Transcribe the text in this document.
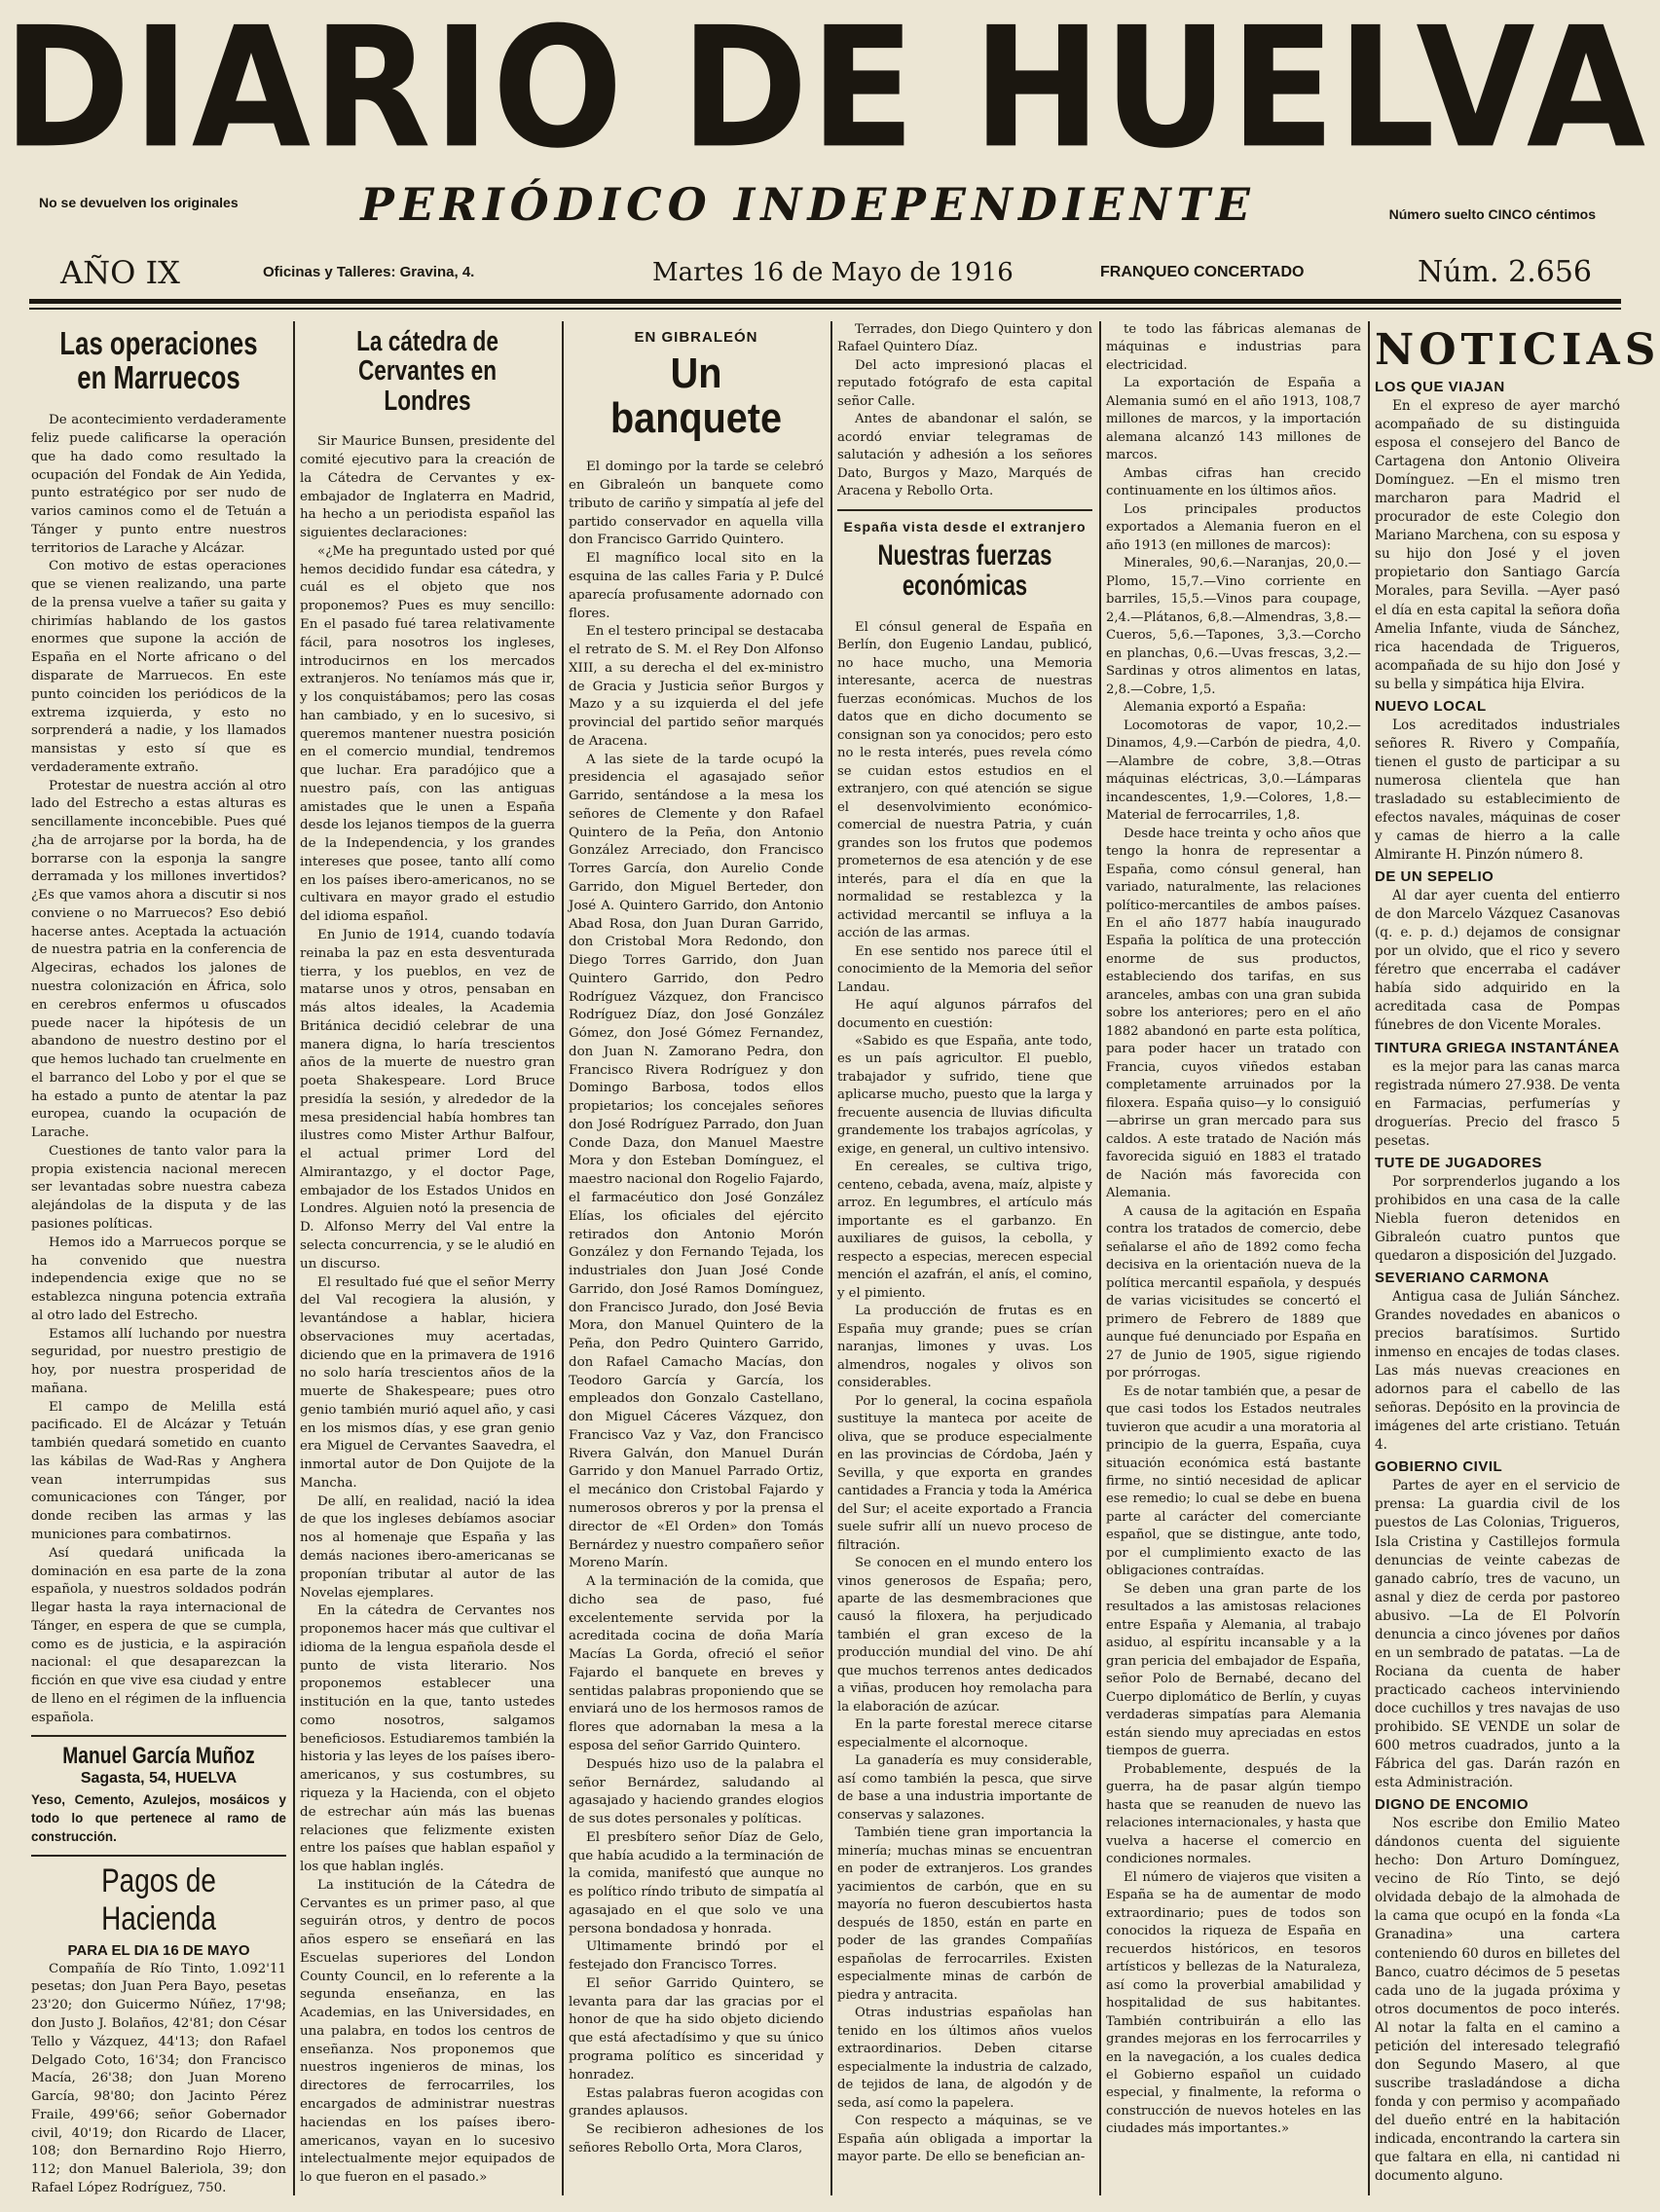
DIARIO DE HUELVA
No se devuelven los originales	PERIÓDICO INDEPENDIENTE	Número suelto CINCO céntimos
AÑO IX	Oficinas y Talleres: Gravina, 4.	Martes 16 de Mayo de 1916	FRANQUEO CONCERTADO	Núm. 2.656
Las operaciones en Marruecos

De acontecimiento verdaderamente feliz puede calificarse la operación que ha dado como resultado la ocupación del Fondak de Ain Yedida, punto estratégico por ser nudo de varios caminos como el de Tetuán a Tánger y punto entre nuestros territorios de Larache y Alcázar.

Con motivo de estas operaciones que se vienen realizando, una parte de la prensa vuelve a tañer su gaita y chirimías hablando de los gastos enormes que supone la acción de España en el Norte africano o del disparate de Marruecos. En este punto coinciden los periódicos de la extrema izquierda, y esto no sorprenderá a nadie, y los llamados mansistas y esto sí que es verdaderamente extraño.

Protestar de nuestra acción al otro lado del Estrecho a estas alturas es sencillamente inconcebible. Pues qué ¿ha de arrojarse por la borda, ha de borrarse con la esponja la sangre derramada y los millones invertidos? ¿Es que vamos ahora a discutir si nos conviene o no Marruecos? Eso debió hacerse antes. Aceptada la actuación de nuestra patria en la conferencia de Algeciras, echados los jalones de nuestra colonización en África, solo en cerebros enfermos u ofuscados puede nacer la hipótesis de un abandono de nuestro destino por el que hemos luchado tan cruelmente en el barranco del Lobo y por el que se ha estado a punto de atentar la paz europea, cuando la ocupación de Larache.

Cuestiones de tanto valor para la propia existencia nacional merecen ser levantadas sobre nuestra cabeza alejándolas de la disputa y de las pasiones políticas.

Hemos ido a Marruecos porque se ha convenido que nuestra independencia exige que no se establezca ninguna potencia extraña al otro lado del Estrecho.

Estamos allí luchando por nuestra seguridad, por nuestro prestigio de hoy, por nuestra prosperidad de mañana.

El campo de Melilla está pacificado. El de Alcázar y Tetuán también quedará sometido en cuanto las kábilas de Wad-Ras y Anghera vean interrumpidas sus comunicaciones con Tánger, por donde reciben las armas y las municiones para combatirnos.

Así quedará unificada la dominación en esa parte de la zona española, y nuestros soldados podrán llegar hasta la raya internacional de Tánger, en espera de que se cumpla, como es de justicia, e la aspiración nacional: el que desaparezcan la ficción en que vive esa ciudad y entre de lleno en el régimen de la influencia española.

Manuel García Muñoz
Sagasta, 54, HUELVA

Yeso, Cemento, Azulejos, mosáicos y todo lo que pertenece al ramo de construcción.

Pagos de Hacienda
PARA EL DIA 16 DE MAYO

Compañía de Río Tinto, 1.092'11 pesetas; don Juan Pera Bayo, pesetas 23'20; don Guicermo Núñez, 17'98; don Justo J. Bolaños, 42'81; don César Tello y Vázquez, 44'13; don Rafael Delgado Coto, 16'34; don Francisco Macía, 26'38; don Juan Moreno García, 98'80; don Jacinto Pérez Fraile, 499'66; señor Gobernador civil, 40'19; don Ricardo de Llacer, 108; don Bernardino Rojo Hierro, 112; don Manuel Baleriola, 39; don Rafael López Rodríguez, 750.

La cátedra de Cervantes en Londres

Sir Maurice Bunsen, presidente del comité ejecutivo para la creación de la Cátedra de Cervantes y ex-embajador de Inglaterra en Madrid, ha hecho a un periodista español las siguientes declaraciones:

«¿Me ha preguntado usted por qué hemos decidido fundar esa cátedra, y cuál es el objeto que nos proponemos? Pues es muy sencillo: En el pasado fué tarea relativamente fácil, para nosotros los ingleses, introducirnos en los mercados extranjeros. No teníamos más que ir, y los conquistábamos; pero las cosas han cambiado, y en lo sucesivo, si queremos mantener nuestra posición en el comercio mundial, tendremos que luchar. Era paradójico que a nuestro país, con las antiguas amistades que le unen a España desde los lejanos tiempos de la guerra de la Independencia, y los grandes intereses que posee, tanto allí como en los países ibero-americanos, no se cultivara en mayor grado el estudio del idioma español.

En Junio de 1914, cuando todavía reinaba la paz en esta desventurada tierra, y los pueblos, en vez de matarse unos y otros, pensaban en más altos ideales, la Academia Británica decidió celebrar de una manera digna, lo haría trescientos años de la muerte de nuestro gran poeta Shakespeare. Lord Bruce presidía la sesión, y alrededor de la mesa presidencial había hombres tan ilustres como Mister Arthur Balfour, el actual primer Lord del Almirantazgo, y el doctor Page, embajador de los Estados Unidos en Londres. Alguien notó la presencia de D. Alfonso Merry del Val entre la selecta concurrencia, y se le aludió en un discurso.

El resultado fué que el señor Merry del Val recogiera la alusión, y levantándose a hablar, hiciera observaciones muy acertadas, diciendo que en la primavera de 1916 no solo haría trescientos años de la muerte de Shakespeare; pues otro genio también murió aquel año, y casi en los mismos días, y ese gran genio era Miguel de Cervantes Saavedra, el inmortal autor de Don Quijote de la Mancha.

De allí, en realidad, nació la idea de que los ingleses debíamos asociar nos al homenaje que España y las demás naciones ibero-americanas se proponían tributar al autor de las Novelas ejemplares.

En la cátedra de Cervantes nos proponemos hacer más que cultivar el idioma de la lengua española desde el punto de vista literario. Nos proponemos establecer una institución en la que, tanto ustedes como nosotros, salgamos beneficiosos. Estudiaremos también la historia y las leyes de los países ibero-americanos, y sus costumbres, su riqueza y la Hacienda, con el objeto de estrechar aún más las buenas relaciones que felizmente existen entre los países que hablan español y los que hablan inglés.

La institución de la Cátedra de Cervantes es un primer paso, al que seguirán otros, y dentro de pocos años espero se enseñará en las Escuelas superiores del London County Council, en lo referente a la segunda enseñanza, en las Academias, en las Universidades, en una palabra, en todos los centros de enseñanza. Nos proponemos que nuestros ingenieros de minas, los directores de ferrocarriles, los encargados de administrar nuestras haciendas en los países ibero-americanos, vayan en lo sucesivo intelectualmente mejor equipados de lo que fueron en el pasado.»

EN GIBRALEÓN
Un banquete

El domingo por la tarde se celebró en Gibraleón un banquete como tributo de cariño y simpatía al jefe del partido conservador en aquella villa don Francisco Garrido Quintero.

El magnífico local sito en la esquina de las calles Faria y P. Dulcé aparecía profusamente adornado con flores.

En el testero principal se destacaba el retrato de S. M. el Rey Don Alfonso XIII, a su derecha el del ex-ministro de Gracia y Justicia señor Burgos y Mazo y a su izquierda el del jefe provincial del partido señor marqués de Aracena.

A las siete de la tarde ocupó la presidencia el agasajado señor Garrido, sentándose a la mesa los señores de Clemente y don Rafael Quintero de la Peña, don Antonio González Arreciado, don Francisco Torres García, don Aurelio Conde Garrido, don Miguel Berteder, don José A. Quintero Garrido, don Antonio Abad Rosa, don Juan Duran Garrido, don Cristobal Mora Redondo, don Diego Torres Garrido, don Juan Quintero Garrido, don Pedro Rodríguez Vázquez, don Francisco Rodríguez Díaz, don José González Gómez, don José Gómez Fernandez, don Juan N. Zamorano Pedra, don Francisco Rivera Rodríguez y don Domingo Barbosa, todos ellos propietarios; los concejales señores don José Rodríguez Parrado, don Juan Conde Daza, don Manuel Maestre Mora y don Esteban Domínguez, el maestro nacional don Rogelio Fajardo, el farmacéutico don José González Elías, los oficiales del ejército retirados don Antonio Morón González y don Fernando Tejada, los industriales don Juan José Conde Garrido, don José Ramos Domínguez, don Francisco Jurado, don José Bevia Mora, don Manuel Quintero de la Peña, don Pedro Quintero Garrido, don Rafael Camacho Macías, don Teodoro García y García, los empleados don Gonzalo Castellano, don Miguel Cáceres Vázquez, don Francisco Vaz y Vaz, don Francisco Rivera Galván, don Manuel Durán Garrido y don Manuel Parrado Ortiz, el mecánico don Cristobal Fajardo y numerosos obreros y por la prensa el director de «El Orden» don Tomás Bernárdez y nuestro compañero señor Moreno Marín.

A la terminación de la comida, que dicho sea de paso, fué excelentemente servida por la acreditada cocina de doña María Macías La Gorda, ofreció el señor Fajardo el banquete en breves y sentidas palabras proponiendo que se enviará uno de los hermosos ramos de flores que adornaban la mesa a la esposa del señor Garrido Quintero.

Después hizo uso de la palabra el señor Bernárdez, saludando al agasajado y haciendo grandes elogios de sus dotes personales y políticas.

El presbítero señor Díaz de Gelo, que había acudido a la terminación de la comida, manifestó que aunque no es político ríndo tributo de simpatía al agasajado en el que solo ve una persona bondadosa y honrada.

Ultimamente brindó por el festejado don Francisco Torres.

El señor Garrido Quintero, se levanta para dar las gracias por el honor de que ha sido objeto diciendo que está afectadísimo y que su único programa político es sinceridad y honradez.

Estas palabras fueron acogidas con grandes aplausos.

Se recibieron adhesiones de los señores Rebollo Orta, Mora Claros,

Terrades, don Diego Quintero y don Rafael Quintero Díaz.

Del acto impresionó placas el reputado fotógrafo de esta capital señor Calle.

Antes de abandonar el salón, se acordó enviar telegramas de salutación y adhesión a los señores Dato, Burgos y Mazo, Marqués de Aracena y Rebollo Orta.

España vista desde el extranjero
Nuestras fuerzas económicas

El cónsul general de España en Berlín, don Eugenio Landau, publicó, no hace mucho, una Memoria interesante, acerca de nuestras fuerzas económicas. Muchos de los datos que en dicho documento se consignan son ya conocidos; pero esto no le resta interés, pues revela cómo se cuidan estos estudios en el extranjero, con qué atención se sigue el desenvolvimiento económico-comercial de nuestra Patria, y cuán grandes son los frutos que podemos prometernos de esa atención y de ese interés, para el día en que la normalidad se restablezca y la actividad mercantil se influya a la acción de las armas.

En ese sentido nos parece útil el conocimiento de la Memoria del señor Landau.

He aquí algunos párrafos del documento en cuestión:

«Sabido es que España, ante todo, es un país agricultor. El pueblo, trabajador y sufrido, tiene que aplicarse mucho, puesto que la larga y frecuente ausencia de lluvias dificulta grandemente los trabajos agrícolas, y exige, en general, un cultivo intensivo.

En cereales, se cultiva trigo, centeno, cebada, avena, maíz, alpiste y arroz. En legumbres, el artículo más importante es el garbanzo. En auxiliares de guisos, la cebolla, y respecto a especias, merecen especial mención el azafrán, el anís, el comino, y el pimiento.

La producción de frutas es en España muy grande; pues se crían naranjas, limones y uvas. Los almendros, nogales y olivos son considerables.

Por lo general, la cocina española sustituye la manteca por aceite de oliva, que se produce especialmente en las provincias de Córdoba, Jaén y Sevilla, y que exporta en grandes cantidades a Francia y toda la América del Sur; el aceite exportado a Francia suele sufrir allí un nuevo proceso de filtración.

Se conocen en el mundo entero los vinos generosos de España; pero, aparte de las desmembraciones que causó la filoxera, ha perjudicado también el gran exceso de la producción mundial del vino. De ahí que muchos terrenos antes dedicados a viñas, producen hoy remolacha para la elaboración de azúcar.

En la parte forestal merece citarse especialmente el alcornoque.

La ganadería es muy considerable, así como también la pesca, que sirve de base a una industria importante de conservas y salazones.

También tiene gran importancia la minería; muchas minas se encuentran en poder de extranjeros. Los grandes yacimientos de carbón, que en su mayoría no fueron descubiertos hasta después de 1850, están en parte en poder de las grandes Compañías españolas de ferrocarriles. Existen especialmente minas de carbón de piedra y antracita.

Otras industrias españolas han tenido en los últimos años vuelos extraordinarios. Deben citarse especialmente la industria de calzado, de tejidos de lana, de algodón y de seda, así como la papelera.

Con respecto a máquinas, se ve España aún obligada a importar la mayor parte. De ello se benefician an-

te todo las fábricas alemanas de máquinas e industrias para electricidad.

La exportación de España a Alemania sumó en el año 1913, 108,7 millones de marcos, y la importación alemana alcanzó 143 millones de marcos.

Ambas cifras han crecido continuamente en los últimos años.

Los principales productos exportados a Alemania fueron en el año 1913 (en millones de marcos):

Minerales, 90,6.—Naranjas, 20,0.—Plomo, 15,7.—Vino corriente en barriles, 15,5.—Vinos para coupage, 2,4.—Plátanos, 6,8.—Almendras, 3,8.—Cueros, 5,6.—Tapones, 3,3.—Corcho en planchas, 0,6.—Uvas frescas, 3,2.—Sardinas y otros alimentos en latas, 2,8.—Cobre, 1,5.

Alemania exportó a España:

Locomotoras de vapor, 10,2.—Dinamos, 4,9.—Carbón de piedra, 4,0.—Alambre de cobre, 3,8.—Otras máquinas eléctricas, 3,0.—Lámparas incandescentes, 1,9.—Colores, 1,8.—Material de ferrocarriles, 1,8.

Desde hace treinta y ocho años que tengo la honra de representar a España, como cónsul general, han variado, naturalmente, las relaciones político-mercantiles de ambos países. En el año 1877 había inaugurado España la política de una protección enorme de sus productos, estableciendo dos tarifas, en sus aranceles, ambas con una gran subida sobre los anteriores; pero en el año 1882 abandonó en parte esta política, para poder hacer un tratado con Francia, cuyos viñedos estaban completamente arruinados por la filoxera. España quiso—y lo consiguió—abrirse un gran mercado para sus caldos. A este tratado de Nación más favorecida siguió en 1883 el tratado de Nación más favorecida con Alemania.

A causa de la agitación en España contra los tratados de comercio, debe señalarse el año de 1892 como fecha decisiva en la orientación nueva de la política mercantil española, y después de varias vicisitudes se concertó el primero de Febrero de 1889 que aunque fué denunciado por España en 27 de Junio de 1905, sigue rigiendo por prórrogas.

Es de notar también que, a pesar de que casi todos los Estados neutrales tuvieron que acudir a una moratoria al principio de la guerra, España, cuya situación económica está bastante firme, no sintió necesidad de aplicar ese remedio; lo cual se debe en buena parte al carácter del comerciante español, que se distingue, ante todo, por el cumplimiento exacto de las obligaciones contraídas.

Se deben una gran parte de los resultados a las amistosas relaciones entre España y Alemania, al trabajo asiduo, al espíritu incansable y a la gran pericia del embajador de España, señor Polo de Bernabé, decano del Cuerpo diplomático de Berlín, y cuyas verdaderas simpatías para Alemania están siendo muy apreciadas en estos tiempos de guerra.

Probablemente, después de la guerra, ha de pasar algún tiempo hasta que se reanuden de nuevo las relaciones internacionales, y hasta que vuelva a hacerse el comercio en condiciones normales.

El número de viajeros que visiten a España se ha de aumentar de modo extraordinario; pues de todos son conocidos la riqueza de España en recuerdos históricos, en tesoros artísticos y bellezas de la Naturaleza, así como la proverbial amabilidad y hospitalidad de sus habitantes. También contribuirán a ello las grandes mejoras en los ferrocarriles y en la navegación, a los cuales dedica el Gobierno español un cuidado especial, y finalmente, la reforma o construcción de nuevos hoteles en las ciudades más importantes.»

NOTICIAS
LOS QUE VIAJAN

En el expreso de ayer marchó acompañado de su distinguida esposa el consejero del Banco de Cartagena don Antonio Oliveira Domínguez. —En el mismo tren marcharon para Madrid el procurador de este Colegio don Mariano Marchena, con su esposa y su hijo don José y el joven propietario don Santiago García Morales, para Sevilla. —Ayer pasó el día en esta capital la señora doña Amelia Infante, viuda de Sánchez, rica hacendada de Trigueros, acompañada de su hijo don José y su bella y simpática hija Elvira.

NUEVO LOCAL

Los acreditados industriales señores R. Rivero y Compañía, tienen el gusto de participar a su numerosa clientela que han trasladado su establecimiento de efectos navales, máquinas de coser y camas de hierro a la calle Almirante H. Pinzón número 8.

DE UN SEPELIO

Al dar ayer cuenta del entierro de don Marcelo Vázquez Casanovas (q. e. p. d.) dejamos de consignar por un olvido, que el rico y severo féretro que encerraba el cadáver había sido adquirido en la acreditada casa de Pompas fúnebres de don Vicente Morales.

TINTURA GRIEGA INSTANTÁNEA

es la mejor para las canas marca registrada número 27.938. De venta en Farmacias, perfumerías y droguerías. Precio del frasco 5 pesetas.

TUTE DE JUGADORES

Por sorprenderlos jugando a los prohibidos en una casa de la calle Niebla fueron detenidos en Gibraleón cuatro puntos que quedaron a disposición del Juzgado.

SEVERIANO CARMONA

Antigua casa de Julián Sánchez. Grandes novedades en abanicos o precios baratísimos. Surtido inmenso en encajes de todas clases. Las más nuevas creaciones en adornos para el cabello de las señoras. Depósito en la provincia de imágenes del arte cristiano. Tetuán 4.

GOBIERNO CIVIL

Partes de ayer en el servicio de prensa: La guardia civil de los puestos de Las Colonias, Trigueros, Isla Cristina y Castillejos formula denuncias de veinte cabezas de ganado cabrío, tres de vacuno, un asnal y diez de cerda por pastoreo abusivo. —La de El Polvorín denuncia a cinco jóvenes por daños en un sembrado de patatas. —La de Rociana da cuenta de haber practicado cacheos interviniendo doce cuchillos y tres navajas de uso prohibido. SE VENDE un solar de 600 metros cuadrados, junto a la Fábrica del gas. Darán razón en esta Administración.

DIGNO DE ENCOMIO

Nos escribe don Emilio Mateo dándonos cuenta del siguiente hecho: Don Arturo Domínguez, vecino de Río Tinto, se dejó olvidada debajo de la almohada de la cama que ocupó en la fonda «La Granadina» una cartera conteniendo 60 duros en billetes del Banco, cuatro décimos de 5 pesetas cada uno de la jugada próxima y otros documentos de poco interés. Al notar la falta en el camino a petición del interesado telegrafió don Segundo Masero, al que suscribe trasladándose a dicha fonda y con permiso y acompañado del dueño entré en la habitación indicada, encontrando la cartera sin que faltara en ella, ni cantidad ni documento alguno.
